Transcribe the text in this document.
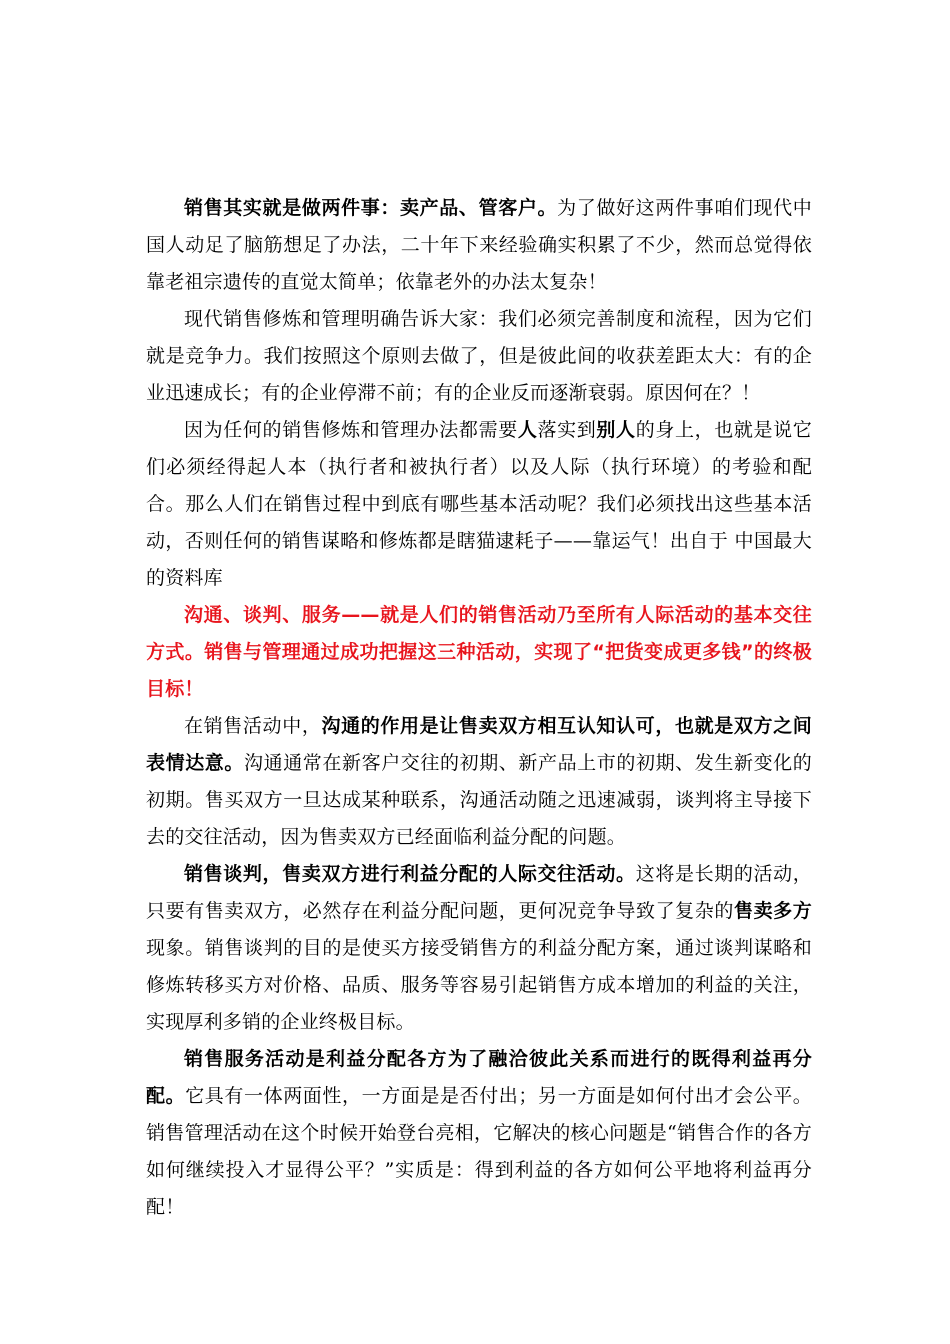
销售其实就是做两件事：卖产品、管客户。为了做好这两件事咱们现代中国人动足了脑筋想足了办法，二十年下来经验确实积累了不少，然而总觉得依靠老祖宗遗传的直觉太简单；依靠老外的办法太复杂！

现代销售修炼和管理明确告诉大家：我们必须完善制度和流程，因为它们就是竞争力。我们按照这个原则去做了，但是彼此间的收获差距太大：有的企业迅速成长；有的企业停滞不前；有的企业反而逐渐衰弱。原因何在？！

因为任何的销售修炼和管理办法都需要人落实到别人的身上，也就是说它们必须经得起人本（执行者和被执行者）以及人际（执行环境）的考验和配合。那么人们在销售过程中到底有哪些基本活动呢？我们必须找出这些基本活动，否则任何的销售谋略和修炼都是瞎猫逮耗子——靠运气！出自于 中国最大的资料库

沟通、谈判、服务——就是人们的销售活动乃至所有人际活动的基本交往方式。销售与管理通过成功把握这三种活动，实现了“把货变成更多钱”的终极目标！

在销售活动中，沟通的作用是让售卖双方相互认知认可，也就是双方之间表情达意。沟通通常在新客户交往的初期、新产品上市的初期、发生新变化的初期。售买双方一旦达成某种联系，沟通活动随之迅速减弱，谈判将主导接下去的交往活动，因为售卖双方已经面临利益分配的问题。

销售谈判，售卖双方进行利益分配的人际交往活动。这将是长期的活动，只要有售卖双方，必然存在利益分配问题，更何况竞争导致了复杂的售卖多方现象。销售谈判的目的是使买方接受销售方的利益分配方案，通过谈判谋略和修炼转移买方对价格、品质、服务等容易引起销售方成本增加的利益的关注，实现厚利多销的企业终极目标。

销售服务活动是利益分配各方为了融洽彼此关系而进行的既得利益再分配。它具有一体两面性，一方面是是否付出；另一方面是如何付出才会公平。销售管理活动在这个时候开始登台亮相，它解决的核心问题是“销售合作的各方如何继续投入才显得公平？”实质是：得到利益的各方如何公平地将利益再分配！
